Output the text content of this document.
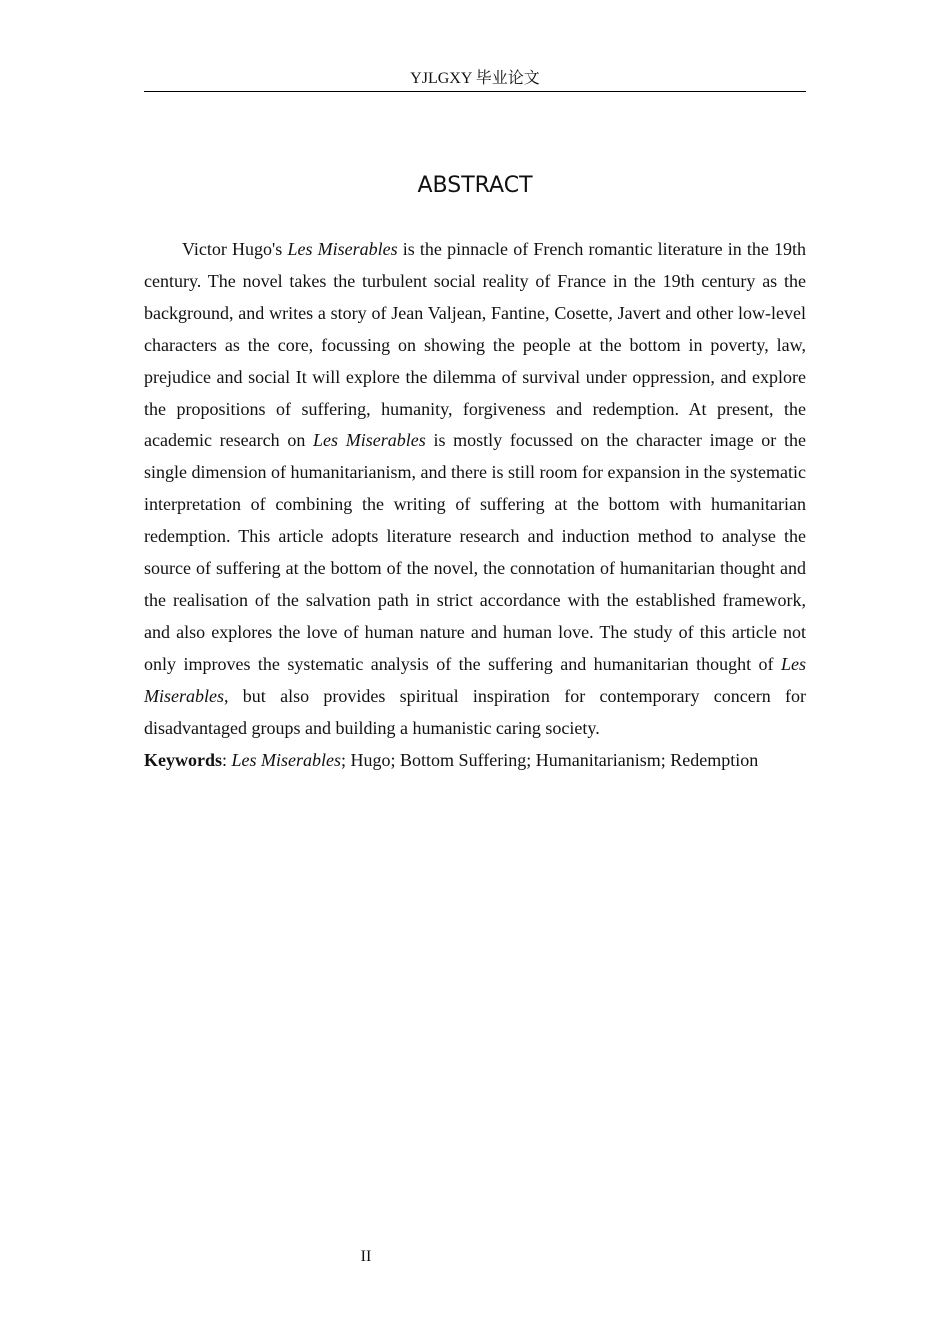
YJLGXY 毕业论文
ABSTRACT

Victor Hugo's Les Miserables is the pinnacle of French romantic literature in the 19th century. The novel takes the turbulent social reality of France in the 19th century as the background, and writes a story of Jean Valjean, Fantine, Cosette, Javert and other low-level characters as the core, focussing on showing the people at the bottom in poverty, law, prejudice and social It will explore the dilemma of survival under oppression, and explore the propositions of suffering, humanity, forgiveness and redemption. At present, the academic research on Les Miserables is mostly focussed on the character image or the single dimension of humanitarianism, and there is still room for expansion in the systematic interpretation of combining the writing of suffering at the bottom with humanitarian redemption. This article adopts literature research and induction method to analyse the source of suffering at the bottom of the novel, the connotation of humanitarian thought and the realisation of the salvation path in strict accordance with the established framework, and also explores the love of human nature and human love. The study of this article not only improves the systematic analysis of the suffering and humanitarian thought of Les Miserables, but also provides spiritual inspiration for contemporary concern for disadvantaged groups and building a humanistic caring society.

Keywords: Les Miserables; Hugo; Bottom Suffering; Humanitarianism; Redemption

II
